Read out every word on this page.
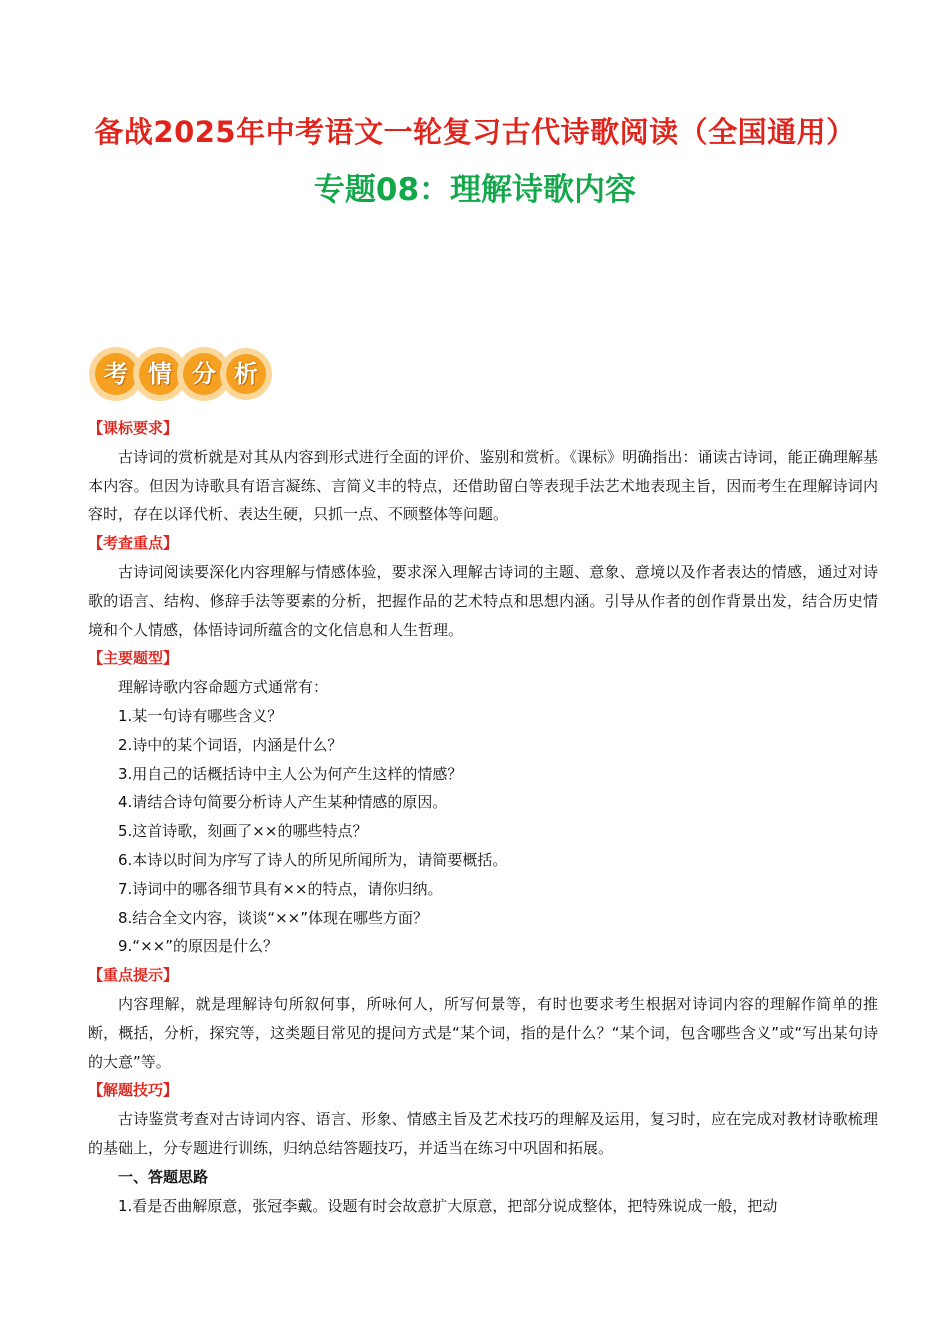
备战2025年中考语文一轮复习古代诗歌阅读（全国通用）
专题08：理解诗歌内容
考 情 分 析
【课标要求】

古诗词的赏析就是对其从内容到形式进行全面的评价、鉴别和赏析。《课标》明确指出：诵读古诗词，能正确理解基本内容。但因为诗歌具有语言凝练、言简义丰的特点，还借助留白等表现手法艺术地表现主旨，因而考生在理解诗词内容时，存在以译代析、表达生硬，只抓一点、不顾整体等问题。

【考查重点】

古诗词阅读要深化内容理解与情感体验，要求深入理解古诗词的主题、意象、意境以及作者表达的情感，通过对诗歌的语言、结构、修辞手法等要素的分析，把握作品的艺术特点和思想内涵。引导从作者的创作背景出发，结合历史情境和个人情感，体悟诗词所蕴含的文化信息和人生哲理。

【主要题型】

理解诗歌内容命题方式通常有：

1.某一句诗有哪些含义？

2.诗中的某个词语，内涵是什么？

3.用自己的话概括诗中主人公为何产生这样的情感？

4.请结合诗句简要分析诗人产生某种情感的原因。

5.这首诗歌，刻画了××的哪些特点？

6.本诗以时间为序写了诗人的所见所闻所为，请简要概括。

7.诗词中的哪各细节具有××的特点，请你归纳。

8.结合全文内容，谈谈“××”体现在哪些方面？

9.“××”的原因是什么？

【重点提示】

内容理解，就是理解诗句所叙何事，所咏何人，所写何景等，有时也要求考生根据对诗词内容的理解作简单的推断，概括，分析，探究等，这类题目常见的提问方式是“某个词，指的是什么？“某个词，包含哪些含义”或“写出某句诗的大意”等。

【解题技巧】

古诗鉴赏考查对古诗词内容、语言、形象、情感主旨及艺术技巧的理解及运用，复习时，应在完成对教材诗歌梳理的基础上，分专题进行训练，归纳总结答题技巧，并适当在练习中巩固和拓展。

一、答题思路

1.看是否曲解原意，张冠李戴。设题有时会故意扩大原意，把部分说成整体，把特殊说成一般，把动
